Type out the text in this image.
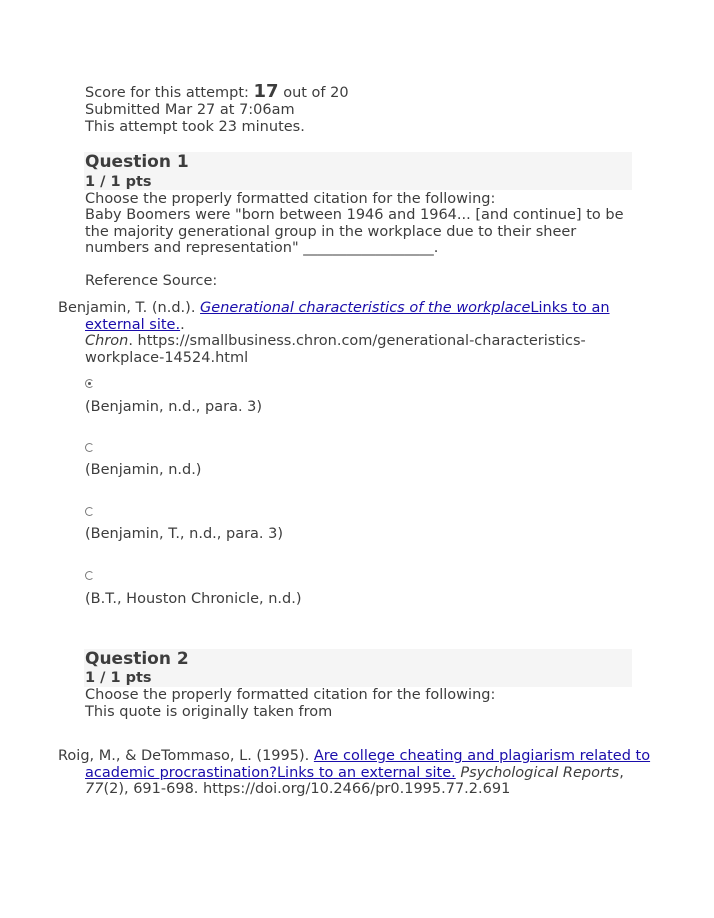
Score for this attempt: 17 out of 20
Submitted Mar 27 at 7:06am
This attempt took 23 minutes.
Question 1
1 / 1 pts
Choose the properly formatted citation for the following:
Baby Boomers were "born between 1946 and 1964... [and continue] to be the majority generational group in the workplace due to their sheer numbers and representation" __________________.
Reference Source:
Benjamin, T. (n.d.). Generational characteristics of the workplaceLinks to an external site..
Chron. https://smallbusiness.chron.com/generational-characteristics-workplace-14524.html
(Benjamin, n.d., para. 3)
(Benjamin, n.d.)
(Benjamin, T., n.d., para. 3)
(B.T., Houston Chronicle, n.d.)
Question 2
1 / 1 pts
Choose the properly formatted citation for the following:
This quote is originally taken from
Roig, M., & DeTommaso, L. (1995). Are college cheating and plagiarism related to academic procrastination?Links to an external site. Psychological Reports, 77(2), 691-698. https://doi.org/10.2466/pr0.1995.77.2.691
